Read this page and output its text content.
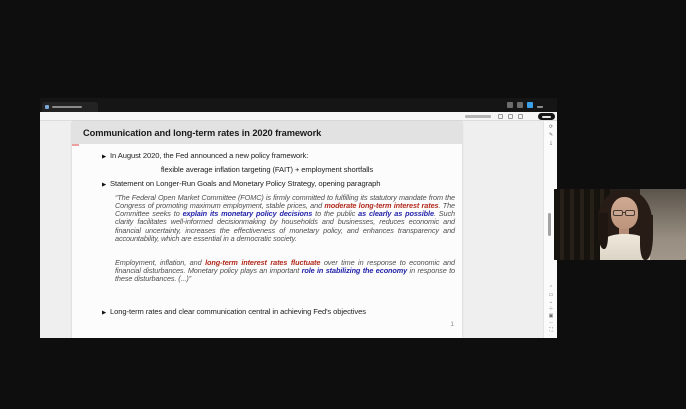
Communication and long-term rates in 2020 framework
▶ In August 2020, the Fed announced a new policy framework:
flexible average inflation targeting (FAIT) + employment shortfalls
▶ Statement on Longer-Run Goals and Monetary Policy Strategy, opening paragraph
“The Federal Open Market Committee (FOMC) is firmly committed to fulfilling its statutory mandate from the Congress of promoting maximum employment, stable prices, and moderate long-term interest rates. The Committee seeks to explain its monetary policy decisions to the public as clearly as possible. Such clarity facilitates well-informed decisionmaking by households and businesses, reduces economic and financial uncertainty, increases the effectiveness of monetary policy, and enhances transparency and accountability, which are essential in a democratic society.
Employment, inflation, and long-term interest rates fluctuate over time in response to economic and financial disturbances. Monetary policy plays an important role in stabilizing the economy in response to these disturbances. (...)”
▶ Long-term rates and clear communication central in achieving Fed's objectives
1
⟳
✎
⤓
⌃
▭
⌄
＋
▣
－
⛶
